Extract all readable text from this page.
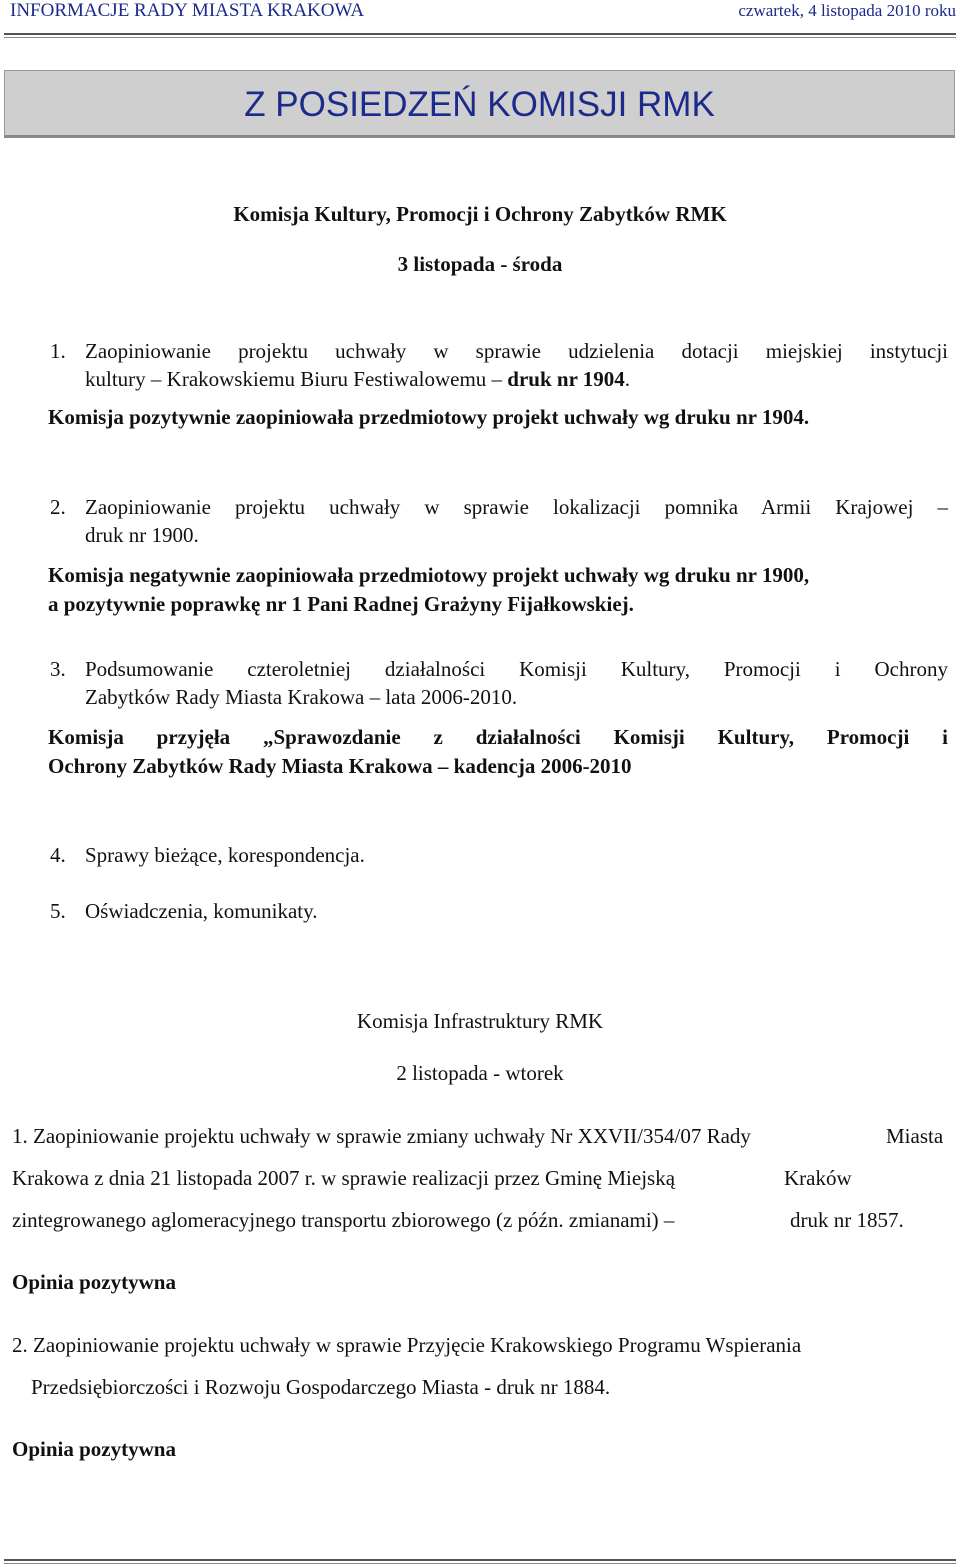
INFORMACJE RADY MIASTA KRAKOWA	czwartek, 4 listopada 2010 roku
Z POSIEDZEŃ KOMISJI RMK
Komisja Kultury, Promocji i Ochrony Zabytków RMK
3 listopada - środa
1. Zaopiniowanie projektu uchwały w sprawie udzielenia dotacji miejskiej instytucji
kultury – Krakowskiemu Biuru Festiwalowemu – druk nr 1904.
Komisja pozytywnie zaopiniowała przedmiotowy projekt uchwały wg druku nr 1904.
2. Zaopiniowanie projektu uchwały w sprawie lokalizacji pomnika Armii Krajowej –
druk nr 1900.
Komisja negatywnie zaopiniowała przedmiotowy projekt uchwały wg druku nr 1900,
a pozytywnie poprawkę nr 1 Pani Radnej Grażyny Fijałkowskiej.
3. Podsumowanie czteroletniej działalności Komisji Kultury, Promocji i Ochrony
Zabytków Rady Miasta Krakowa – lata 2006-2010.
Komisja przyjęła „Sprawozdanie z działalności Komisji Kultury, Promocji i
Ochrony Zabytków Rady Miasta Krakowa – kadencja 2006-2010
4. Sprawy bieżące, korespondencja.
5. Oświadczenia, komunikaty.
Komisja Infrastruktury RMK
2 listopada - wtorek
1. Zaopiniowanie projektu uchwały w sprawie zmiany uchwały Nr XXVII/354/07 Rady	Miasta
Krakowa z dnia 21 listopada 2007 r. w sprawie realizacji przez Gminę Miejską	Kraków
zintegrowanego aglomeracyjnego transportu zbiorowego (z późn. zmianami) –	druk nr 1857.
Opinia pozytywna
2. Zaopiniowanie projektu uchwały w sprawie Przyjęcie Krakowskiego Programu Wspierania
Przedsiębiorczości i Rozwoju Gospodarczego Miasta - druk nr 1884.
Opinia pozytywna
